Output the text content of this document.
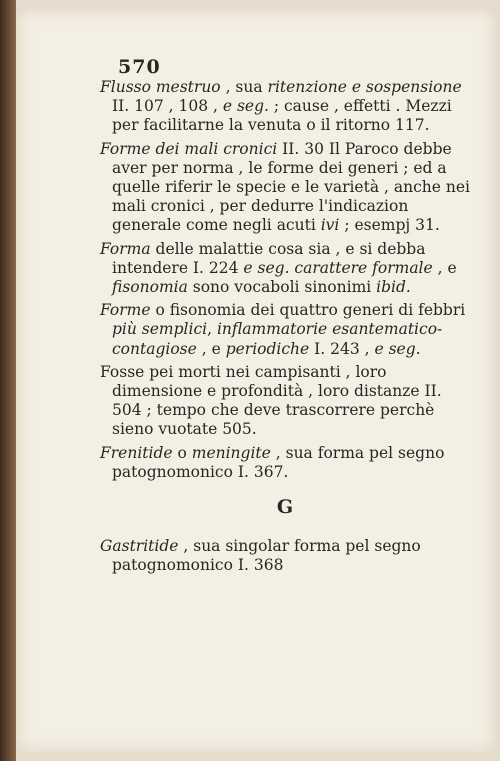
570

Flusso mestruo , sua ritenzione e sospensione II. 107 , 108 , e seg. ; cause , effetti . Mezzi per facilitarne la venuta o il ritorno 117.

Forme dei mali cronici II. 30 Il Paroco debbe aver per norma , le forme dei generi ; ed a quelle riferir le specie e le varietà , anche nei mali cronici , per dedurre l'indicazion generale come negli acuti ivi ; esempj 31.

Forma delle malattie cosa sia , e si debba intendere I. 224 e seg. carattere formale , e fisonomia sono vocaboli sinonimi ibid.

Forme o fisonomia dei quattro generi di febbri più semplici, inflammatorie esantematico-contagiose , e periodiche I. 243 , e seg.

Fosse pei morti nei campisanti , loro dimensione e profondità , loro distanze II. 504 ; tempo che deve trascorrere perchè sieno vuotate 505.

Frenitide o meningite , sua forma pel segno patognomonico I. 367.

G

Gastritide , sua singolar forma pel segno patognomonico I. 368
